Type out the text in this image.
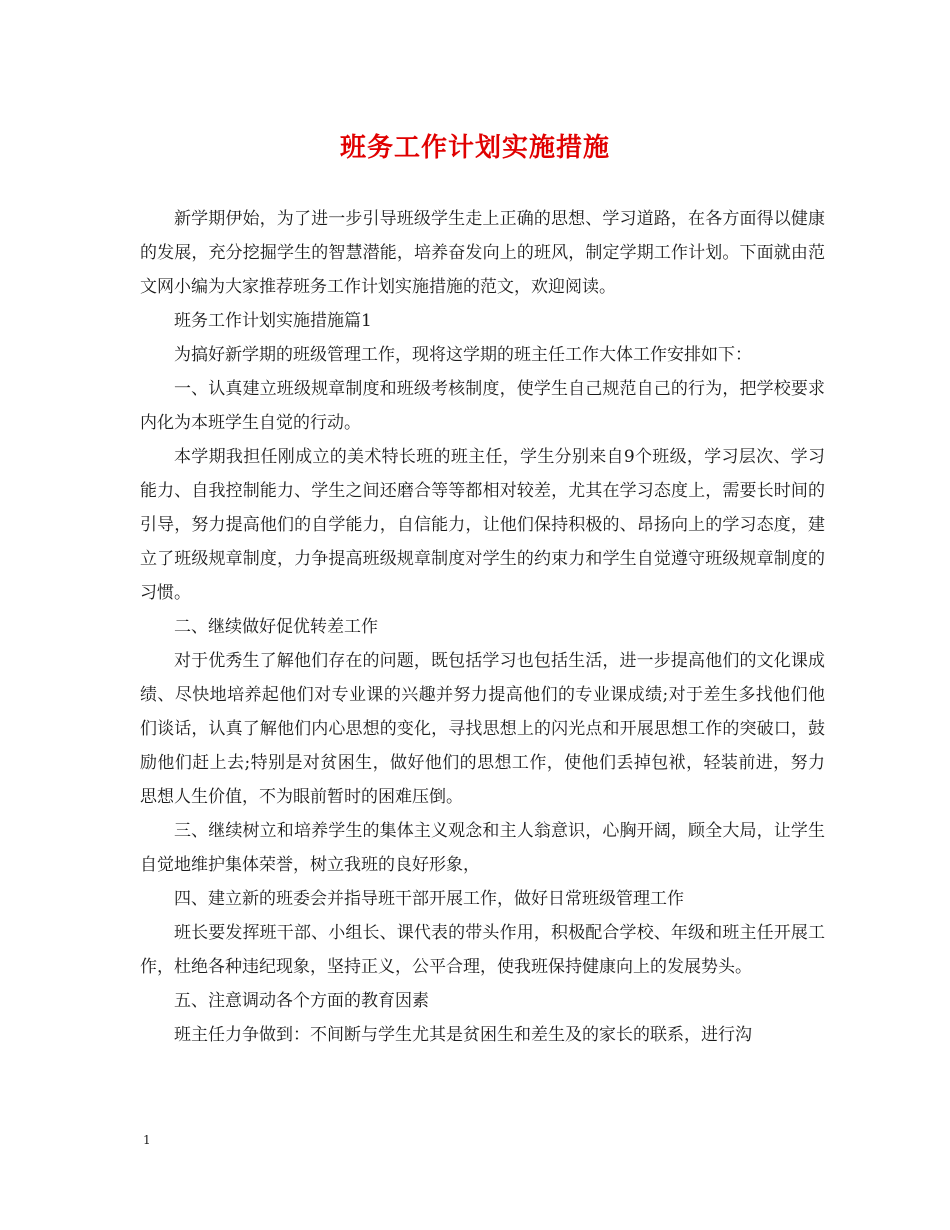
班务工作计划实施措施

新学期伊始，为了进一步引导班级学生走上正确的思想、学习道路，在各方面得以健康的发展，充分挖掘学生的智慧潜能，培养奋发向上的班风，制定学期工作计划。下面就由范文网小编为大家推荐班务工作计划实施措施的范文，欢迎阅读。

班务工作计划实施措施篇1

为搞好新学期的班级管理工作，现将这学期的班主任工作大体工作安排如下：

一、认真建立班级规章制度和班级考核制度，使学生自己规范自己的行为，把学校要求内化为本班学生自觉的行动。

本学期我担任刚成立的美术特长班的班主任，学生分别来自9个班级，学习层次、学习能力、自我控制能力、学生之间还磨合等等都相对较差，尤其在学习态度上，需要长时间的引导，努力提高他们的自学能力，自信能力，让他们保持积极的、昂扬向上的学习态度，建立了班级规章制度，力争提高班级规章制度对学生的约束力和学生自觉遵守班级规章制度的习惯。

二、继续做好促优转差工作

对于优秀生了解他们存在的问题，既包括学习也包括生活，进一步提高他们的文化课成绩、尽快地培养起他们对专业课的兴趣并努力提高他们的专业课成绩;对于差生多找他们他们谈话，认真了解他们内心思想的变化，寻找思想上的闪光点和开展思想工作的突破口，鼓励他们赶上去;特别是对贫困生，做好他们的思想工作，使他们丢掉包袱，轻装前进，努力思想人生价值，不为眼前暂时的困难压倒。

三、继续树立和培养学生的集体主义观念和主人翁意识，心胸开阔，顾全大局，让学生自觉地维护集体荣誉，树立我班的良好形象，

四、建立新的班委会并指导班干部开展工作，做好日常班级管理工作

班长要发挥班干部、小组长、课代表的带头作用，积极配合学校、年级和班主任开展工作，杜绝各种违纪现象，坚持正义，公平合理，使我班保持健康向上的发展势头。

五、注意调动各个方面的教育因素

班主任力争做到：不间断与学生尤其是贫困生和差生及的家长的联系，进行沟

1
